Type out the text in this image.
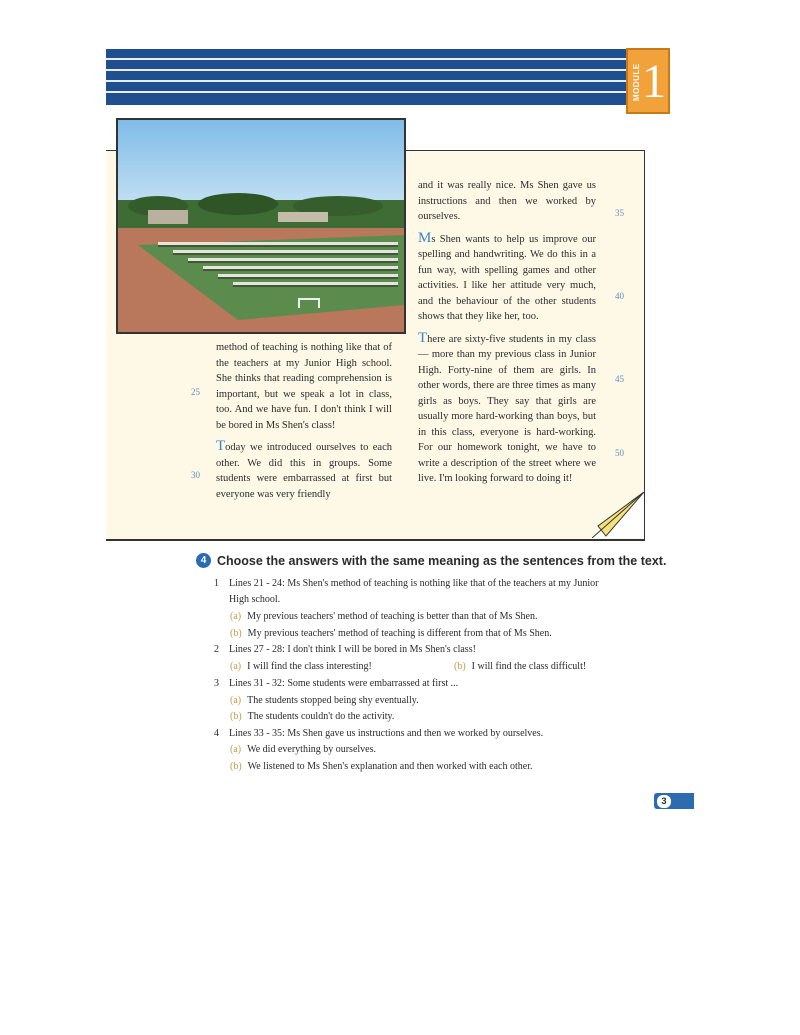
MODULE 1

method of teaching is nothing like that of the teachers at my Junior High school. She thinks that reading comprehension is important, but we speak a lot in class, too. And we have fun. I don't think I will be bored in Ms Shen's class!

Today we introduced ourselves to each other. We did this in groups. Some students were embarrassed at first but everyone was very friendly

25
30

and it was really nice. Ms Shen gave us instructions and then we worked by ourselves.

Ms Shen wants to help us improve our spelling and handwriting. We do this in a fun way, with spelling games and other activities. I like her attitude very much, and the behaviour of the other students shows that they like her, too.

There are sixty-five students in my class — more than my previous class in Junior High. Forty-nine of them are girls. In other words, there are three times as many girls as boys. They say that girls are usually more hard-working than boys, but in this class, everyone is hard-working. For our homework tonight, we have to write a description of the street where we live. I'm looking forward to doing it!

35
40
45
50
4 Choose the answers with the same meaning as the sentences from the text.
1 Lines 21 - 24: Ms Shen's method of teaching is nothing like that of the teachers at my Junior
High school.
(a) My previous teachers' method of teaching is better than that of Ms Shen.
(b) My previous teachers' method of teaching is different from that of Ms Shen.
2 Lines 27 - 28: I don't think I will be bored in Ms Shen's class!
(a) I will find the class interesting!	(b) I will find the class difficult!
3 Lines 31 - 32: Some students were embarrassed at first ...
(a) The students stopped being shy eventually.
(b) The students couldn't do the activity.
4 Lines 33 - 35: Ms Shen gave us instructions and then we worked by ourselves.
(a) We did everything by ourselves.
(b) We listened to Ms Shen's explanation and then worked with each other.
3
